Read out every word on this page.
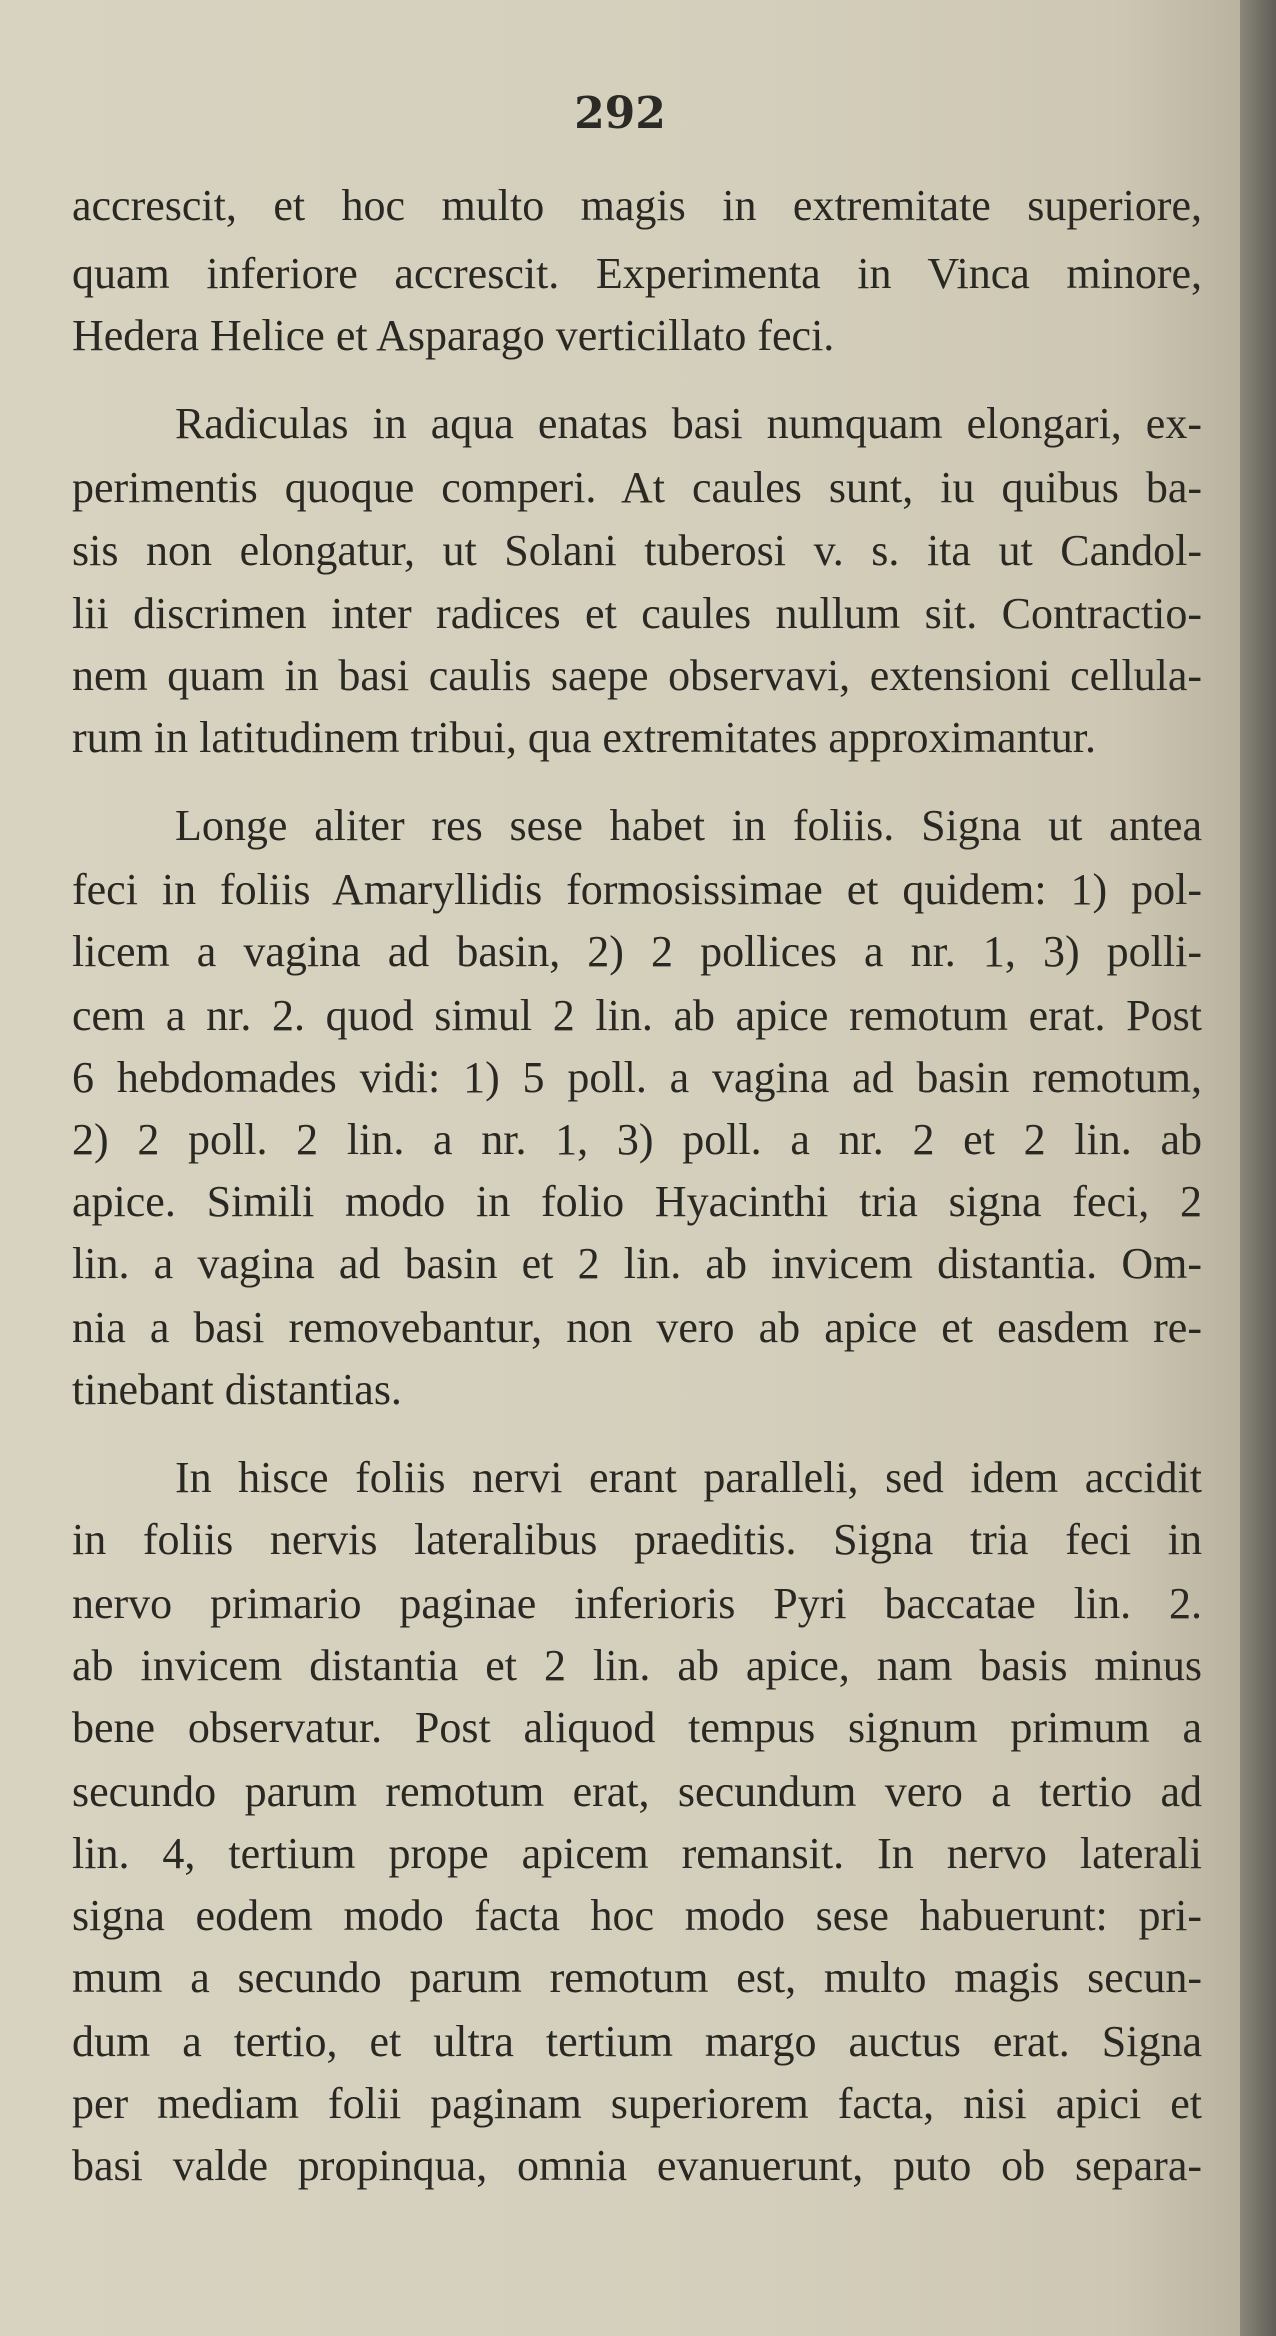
292
accrescit, et hoc multo magis in extremitate superiore,
quam inferiore accrescit. Experimenta in Vinca minore,
Hedera Helice et Asparago verticillato feci.
Radiculas in aqua enatas basi numquam elongari, ex-
perimentis quoque comperi. At caules sunt, iu quibus ba-
sis non elongatur, ut Solani tuberosi v. s. ita ut Candol-
lii discrimen inter radices et caules nullum sit. Contractio-
nem quam in basi caulis saepe observavi, extensioni cellula-
rum in latitudinem tribui, qua extremitates approximantur.
Longe aliter res sese habet in foliis. Signa ut antea
feci in foliis Amaryllidis formosissimae et quidem: 1) pol-
licem a vagina ad basin, 2) 2 pollices a nr. 1, 3) polli-
cem a nr. 2. quod simul 2 lin. ab apice remotum erat. Post
6 hebdomades vidi: 1) 5 poll. a vagina ad basin remotum,
2) 2 poll. 2 lin. a nr. 1, 3) poll. a nr. 2 et 2 lin. ab
apice. Simili modo in folio Hyacinthi tria signa feci, 2
lin. a vagina ad basin et 2 lin. ab invicem distantia. Om-
nia a basi removebantur, non vero ab apice et easdem re-
tinebant distantias.
In hisce foliis nervi erant paralleli, sed idem accidit
in foliis nervis lateralibus praeditis. Signa tria feci in
nervo primario paginae inferioris Pyri baccatae lin. 2.
ab invicem distantia et 2 lin. ab apice, nam basis minus
bene observatur. Post aliquod tempus signum primum a
secundo parum remotum erat, secundum vero a tertio ad
lin. 4, tertium prope apicem remansit. In nervo laterali
signa eodem modo facta hoc modo sese habuerunt: pri-
mum a secundo parum remotum est, multo magis secun-
dum a tertio, et ultra tertium margo auctus erat. Signa
per mediam folii paginam superiorem facta, nisi apici et
basi valde propinqua, omnia evanuerunt, puto ob separa-
